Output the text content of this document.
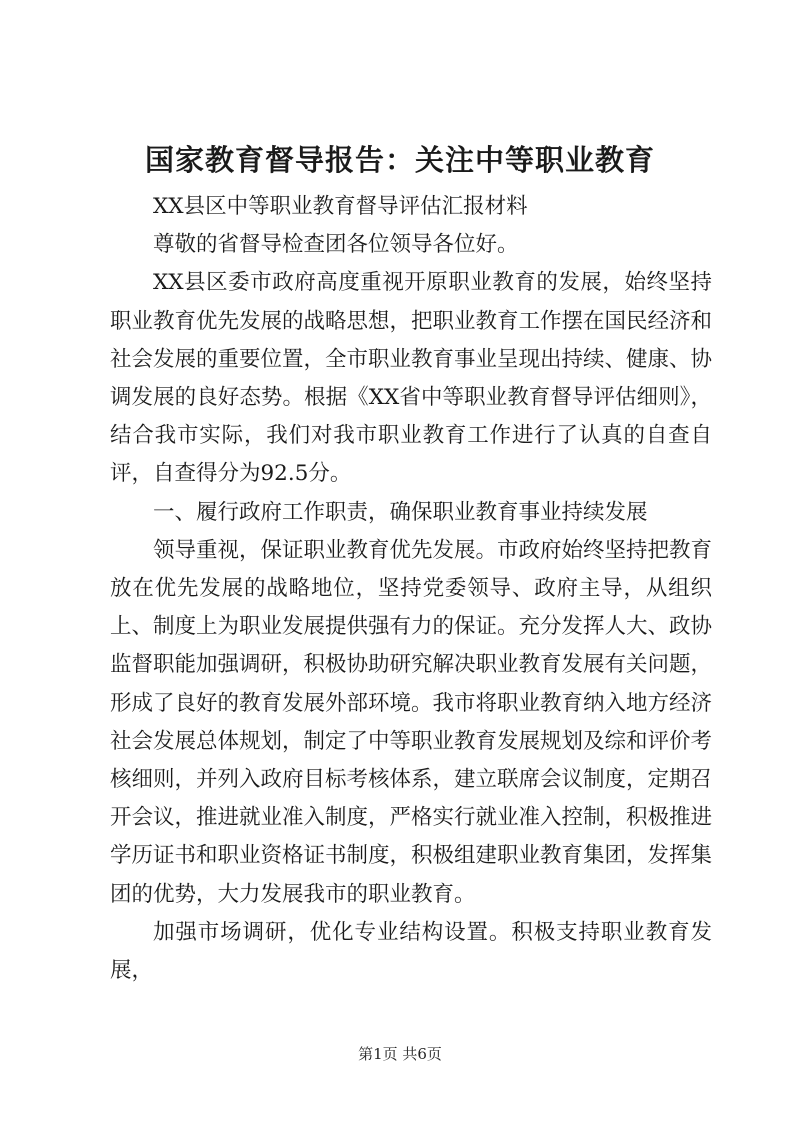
国家教育督导报告：关注中等职业教育

XX县区中等职业教育督导评估汇报材料

尊敬的省督导检查团各位领导各位好。

XX县区委市政府高度重视开原职业教育的发展，始终坚持职业教育优先发展的战略思想，把职业教育工作摆在国民经济和社会发展的重要位置，全市职业教育事业呈现出持续、健康、协调发展的良好态势。根据《XX省中等职业教育督导评估细则》，结合我市实际，我们对我市职业教育工作进行了认真的自查自评，自查得分为92.5分。

一、履行政府工作职责，确保职业教育事业持续发展

领导重视，保证职业教育优先发展。市政府始终坚持把教育放在优先发展的战略地位，坚持党委领导、政府主导，从组织上、制度上为职业发展提供强有力的保证。充分发挥人大、政协监督职能加强调研，积极协助研究解决职业教育发展有关问题，形成了良好的教育发展外部环境。我市将职业教育纳入地方经济社会发展总体规划，制定了中等职业教育发展规划及综和评价考核细则，并列入政府目标考核体系，建立联席会议制度，定期召开会议，推进就业准入制度，严格实行就业准入控制，积极推进学历证书和职业资格证书制度，积极组建职业教育集团，发挥集团的优势，大力发展我市的职业教育。

加强市场调研，优化专业结构设置。积极支持职业教育发展，

第1页 共6页
